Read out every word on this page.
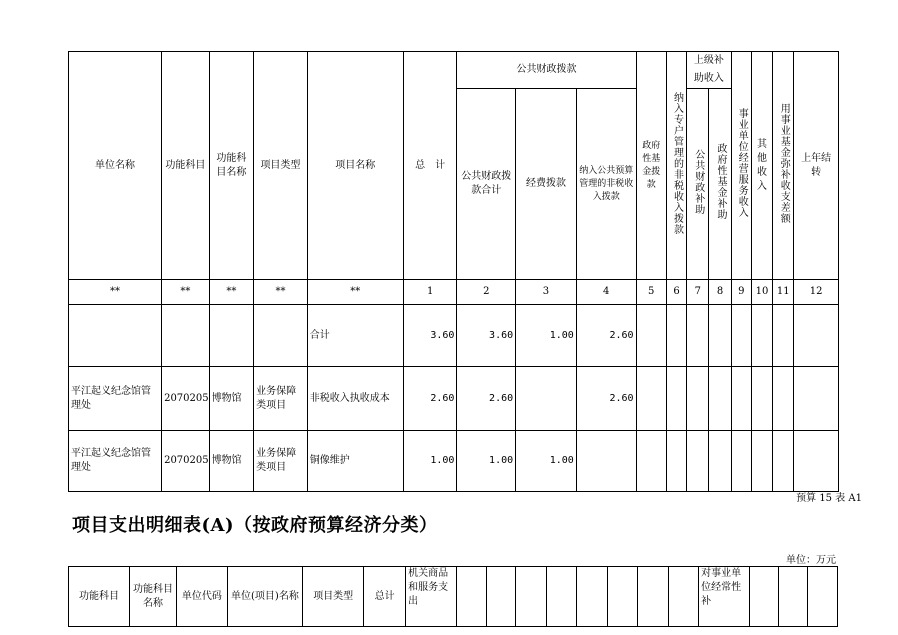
单位名称	功能科目	功能科目名称	项目类型	项目名称	总　计	公共财政拨款			政府性基金拨款	纳入专户管理的非税收入拨款	上级补助收入		事业单位经营服务收入	其他收入	用事业基金弥补收支差额	上年结转
						公共财政拨款合计	经费拨款	纳入公共预算管理的非税收入拨款			公共财政补助	政府性基金补助				

**	**	**	**	**	1	2	3	4	5	6	7	8	9	10	11	12
				合计	3.60	3.60	1.00	2.60								
平江起义纪念馆管理处	2070205	博物馆	业务保障类项目	非税收入执收成本	2.60	2.60		2.60								
平江起义纪念馆管理处	2070205	博物馆	业务保障类项目	铜像维护	1.00	1.00	1.00									
预算 15 表 A1
项目支出明细表(A)（按政府预算经济分类）
单位：万元
功能科目	功能科目名称	单位代码	单位(项目)名称	项目类型	总计	机关商品和服务支出									对事业单位经常性补			
